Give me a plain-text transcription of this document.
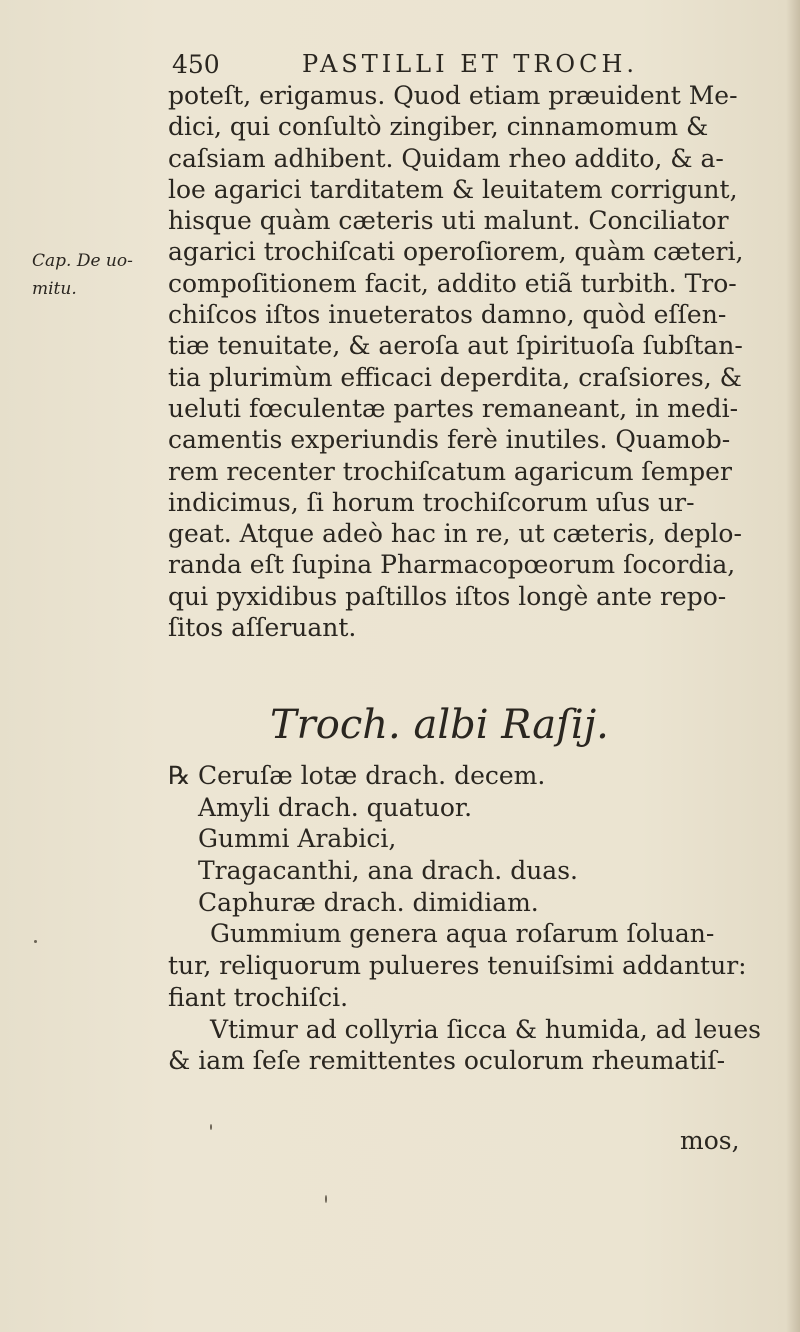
450	PASTILLI ET TROCH.
Cap. De uo-
mitu.
poteſt, erigamus. Quod etiam præuident Me-
dici, qui conſultò zingiber, cinnamomum &
caſsiam adhibent. Quidam rheo addito, & a-
loe agarici tarditatem & leuitatem corrigunt,
hisque quàm cæteris uti malunt. Conciliator
agarici trochiſcati operoſiorem, quàm cæteri,
compoſitionem facit, addito etiã turbith. Tro-
chiſcos iſtos inueteratos damno, quòd eſſen-
tiæ tenuitate, & aeroſa aut ſpirituoſa ſubſtan-
tia plurimùm efficaci deperdita, craſsiores, &
ueluti fœculentæ partes remaneant, in medi-
camentis experiundis ferè inutiles. Quamob-
rem recenter trochiſcatum agaricum ſemper
indicimus, ſi horum trochiſcorum uſus ur-
geat. Atque adeò hac in re, ut cæteris, deplo-
randa eſt ſupina Pharmacopœorum ſocordia,
qui pyxidibus paſtillos iſtos longè ante repo-
ſitos aſſeruant.
Troch. albi Raſij.
℞ Ceruſæ lotæ drach. decem.
Amyli drach. quatuor.
Gummi Arabici,
Tragacanthi, ana drach. duas.
Caphuræ drach. dimidiam.
Gummium genera aqua roſarum ſoluan-
tur, reliquorum pulueres tenuiſsimi addantur:
fiant trochiſci.
Vtimur ad collyria ſicca & humida, ad leues
& iam ſeſe remittentes oculorum rheumatiſ-
mos,
